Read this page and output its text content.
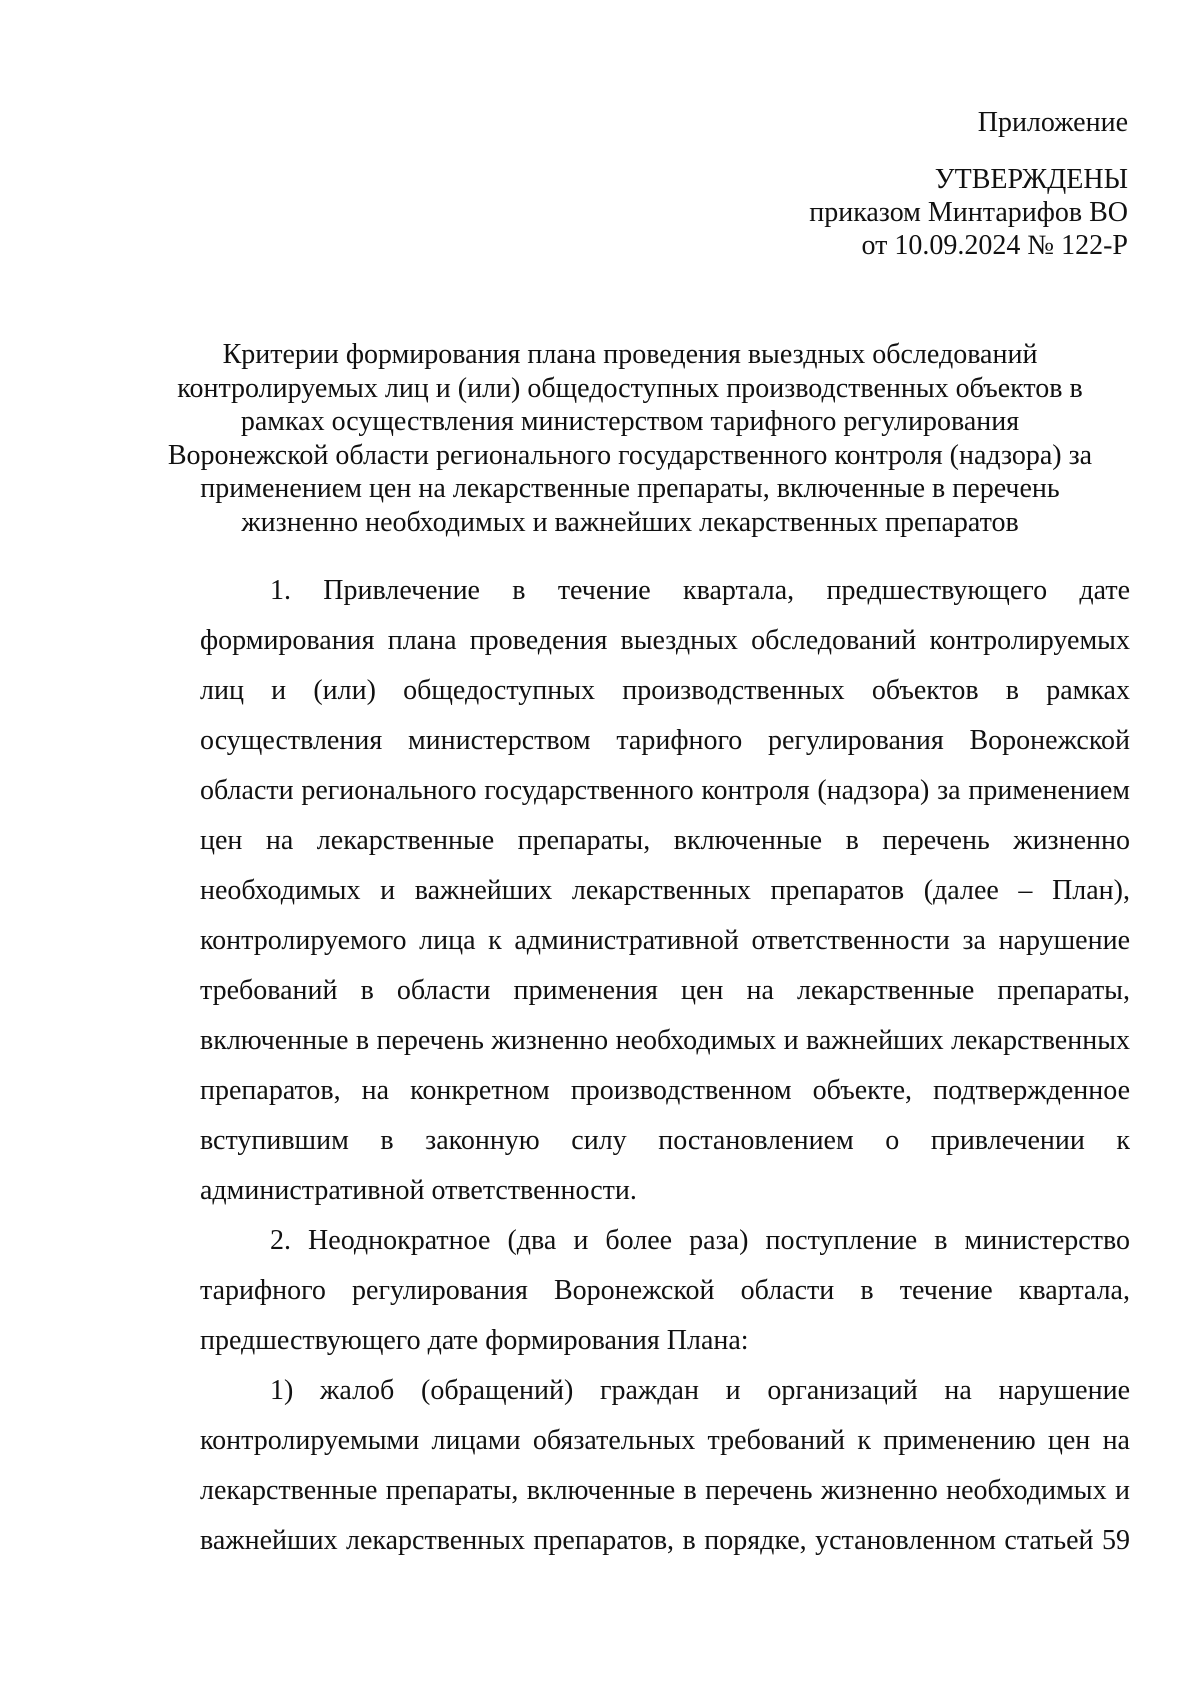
Приложение
УТВЕРЖДЕНЫ
приказом Минтарифов ВО
от 10.09.2024 № 122-Р
Критерии формирования плана проведения выездных обследований
контролируемых лиц и (или) общедоступных производственных объектов в
рамках осуществления министерством тарифного регулирования
Воронежской области регионального государственного контроля (надзора) за
применением цен на лекарственные препараты, включенные в перечень
жизненно необходимых и важнейших лекарственных препаратов

1. Привлечение в течение квартала, предшествующего дате формирования плана проведения выездных обследований контролируемых лиц и (или) общедоступных производственных объектов в рамках осуществления министерством тарифного регулирования Воронежской области регионального государственного контроля (надзора) за применением цен на лекарственные препараты, включенные в перечень жизненно необходимых и важнейших лекарственных препаратов (далее – План), контролируемого лица к административной ответственности за нарушение требований в области применения цен на лекарственные препараты, включенные в перечень жизненно необходимых и важнейших лекарственных препаратов, на конкретном производственном объекте, подтвержденное вступившим в законную силу постановлением о привлечении к административной ответственности.

2. Неоднократное (два и более раза) поступление в министерство тарифного регулирования Воронежской области в течение квартала, предшествующего дате формирования Плана:

1) жалоб (обращений) граждан и организаций на нарушение контролируемыми лицами обязательных требований к применению цен на лекарственные препараты, включенные в перечень жизненно необходимых и важнейших лекарственных препаратов, в порядке, установленном статьей 59
